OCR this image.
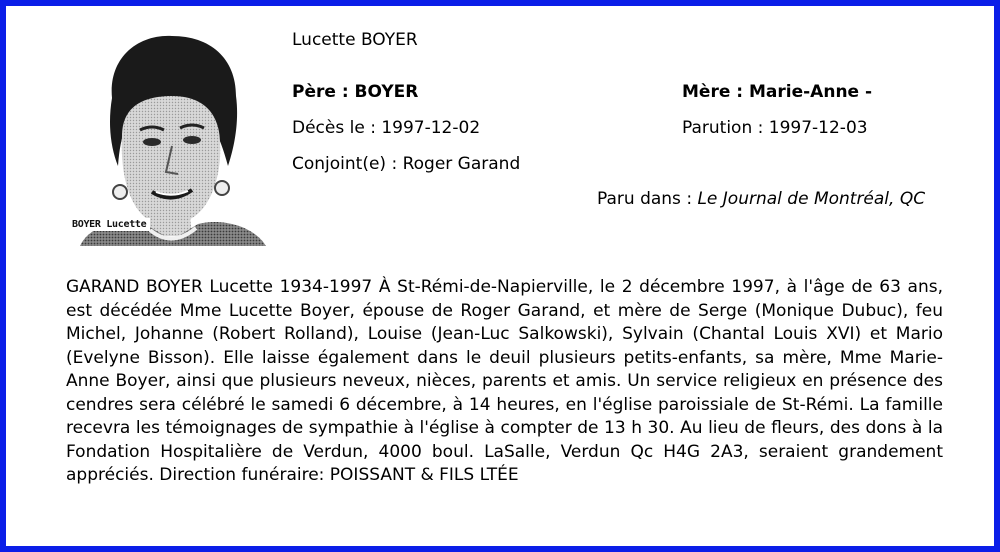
BOYER Lucette
Lucette BOYER
Père : BOYER	Mère : Marie-Anne -
Décès le : 1997-12-02	Parution : 1997-12-03
Conjoint(e) : Roger Garand
Paru dans : Le Journal de Montréal, QC
GARAND BOYER Lucette 1934-1997 À St-Rémi-de-Napierville, le 2 décembre 1997, à l'âge de 63 ans, est décédée Mme Lucette Boyer, épouse de Roger Garand, et mère de Serge (Monique Dubuc), feu Michel, Johanne (Robert Rolland), Louise (Jean-Luc Salkowski), Sylvain (Chantal Louis XVI) et Mario (Evelyne Bisson). Elle laisse également dans le deuil plusieurs petits-enfants, sa mère, Mme Marie-Anne Boyer, ainsi que plusieurs neveux, nièces, parents et amis. Un service religieux en présence des cendres sera célébré le samedi 6 décembre, à 14 heures, en l'église paroissiale de St-Rémi. La famille recevra les témoignages de sympathie à l'église à compter de 13 h 30. Au lieu de fleurs, des dons à la Fondation Hospitalière de Verdun, 4000 boul. LaSalle, Verdun Qc H4G 2A3, seraient grandement appréciés. Direction funéraire: POISSANT & FILS LTÉE
